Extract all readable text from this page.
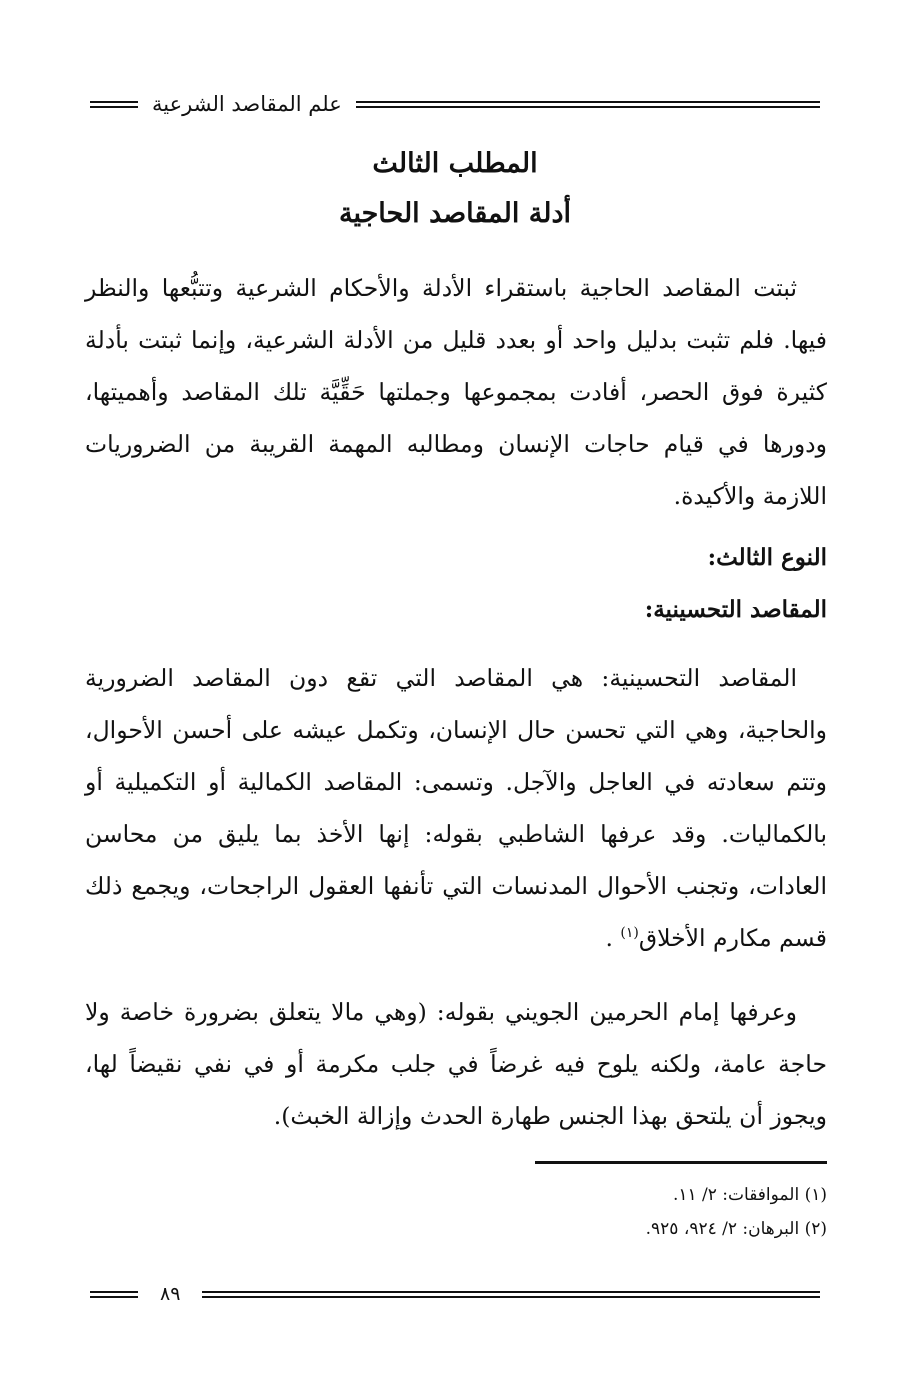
علم المقاصد الشرعية
المطلب الثالث
أدلة المقاصد الحاجية

ثبتت المقاصد الحاجية باستقراء الأدلة والأحكام الشرعية وتتبُّعها والنظر فيها. فلم تثبت بدليل واحد أو بعدد قليل من الأدلة الشرعية، وإنما ثبتت بأدلة كثيرة فوق الحصر، أفادت بمجموعها وجملتها حَقِّيَّة تلك المقاصد وأهميتها، ودورها في قيام حاجات الإنسان ومطالبه المهمة القريبة من الضروريات اللازمة والأكيدة.

النوع الثالث:
المقاصد التحسينية:

المقاصد التحسينية: هي المقاصد التي تقع دون المقاصد الضرورية والحاجية، وهي التي تحسن حال الإنسان، وتكمل عيشه على أحسن الأحوال، وتتم سعادته في العاجل والآجل. وتسمى: المقاصد الكمالية أو التكميلية أو بالكماليات. وقد عرفها الشاطبي بقوله: إنها الأخذ بما يليق من محاسن العادات، وتجنب الأحوال المدنسات التي تأنفها العقول الراجحات، ويجمع ذلك قسم مكارم الأخلاق$^{(١)}$ .

وعرفها إمام الحرمين الجويني بقوله: (وهي مالا يتعلق بضرورة خاصة ولا حاجة عامة، ولكنه يلوح فيه غرضاً في جلب مكرمة أو في نفي نقيضاً لها، ويجوز أن يلتحق بهذا الجنس طهارة الحدث وإزالة الخبث).

(١) الموافقات: ٢/ ١١.
(٢) البرهان: ٢/ ٩٢٤، ٩٢٥.
٨٩
